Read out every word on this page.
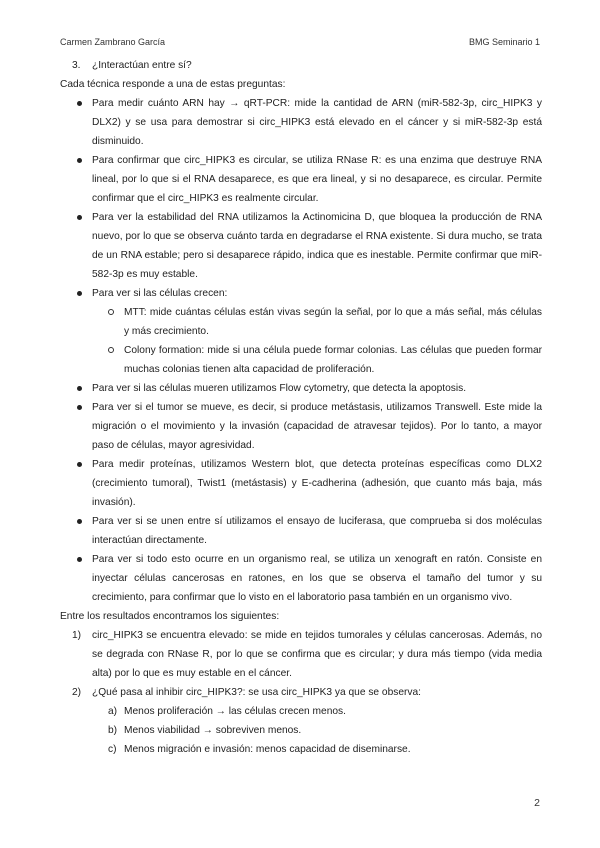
Carmen Zambrano García	BMG Seminario 1
3. ¿Interactúan entre sí?

Cada técnica responde a una de estas preguntas:

Para medir cuánto ARN hay → qRT-PCR: mide la cantidad de ARN (miR-582-3p, circ_HIPK3 y DLX2) y se usa para demostrar si circ_HIPK3 está elevado en el cáncer y si miR-582-3p está disminuido.
Para confirmar que circ_HIPK3 es circular, se utiliza RNase R: es una enzima que destruye RNA lineal, por lo que si el RNA desaparece, es que era lineal, y si no desaparece, es circular. Permite confirmar que el circ_HIPK3 es realmente circular.
Para ver la estabilidad del RNA utilizamos la Actinomicina D, que bloquea la producción de RNA nuevo, por lo que se observa cuánto tarda en degradarse el RNA existente. Si dura mucho, se trata de un RNA estable; pero si desaparece rápido, indica que es inestable. Permite confirmar que miR-582-3p es muy estable.
Para ver si las células crecen:
MTT: mide cuántas células están vivas según la señal, por lo que a más señal, más células y más crecimiento.
Colony formation: mide si una célula puede formar colonias. Las células que pueden formar muchas colonias tienen alta capacidad de proliferación.
Para ver si las células mueren utilizamos Flow cytometry, que detecta la apoptosis.
Para ver si el tumor se mueve, es decir, si produce metástasis, utilizamos Transwell. Este mide la migración o el movimiento y la invasión (capacidad de atravesar tejidos). Por lo tanto, a mayor paso de células, mayor agresividad.
Para medir proteínas, utilizamos Western blot, que detecta proteínas específicas como DLX2 (crecimiento tumoral), Twist1 (metástasis) y E-cadherina (adhesión, que cuanto más baja, más invasión).
Para ver si se unen entre sí utilizamos el ensayo de luciferasa, que comprueba si dos moléculas interactúan directamente.
Para ver si todo esto ocurre en un organismo real, se utiliza un xenograft en ratón. Consiste en inyectar células cancerosas en ratones, en los que se observa el tamaño del tumor y su crecimiento, para confirmar que lo visto en el laboratorio pasa también en un organismo vivo.

Entre los resultados encontramos los siguientes:

1) circ_HIPK3 se encuentra elevado: se mide en tejidos tumorales y células cancerosas. Además, no se degrada con RNase R, por lo que se confirma que es circular; y dura más tiempo (vida media alta) por lo que es muy estable en el cáncer.
2) ¿Qué pasa al inhibir circ_HIPK3?: se usa circ_HIPK3 ya que se observa:
a) Menos proliferación → las células crecen menos.
b) Menos viabilidad → sobreviven menos.
c) Menos migración e invasión: menos capacidad de diseminarse.
2
